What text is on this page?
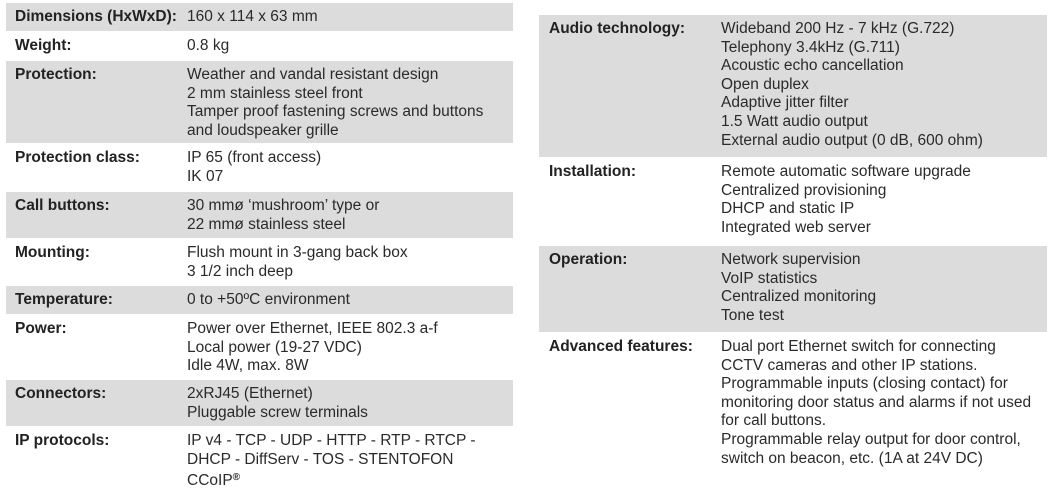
Dimensions (HxWxD): 160 x 114 x 63 mm
Weight:	0.8 kg
Protection:	Weather and vandal resistant design
2 mm stainless steel front
Tamper proof fastening screws and buttons
and loudspeaker grille
Protection class:	IP 65 (front access)
IK 07
Call buttons:	30 mmø ‘mushroom’ type or
22 mmø stainless steel
Mounting:	Flush mount in 3-gang back box
3 1/2 inch deep
Temperature:	0 to +50ºC environment
Power:	Power over Ethernet, IEEE 802.3 a-f
Local power (19-27 VDC)
Idle 4W, max. 8W
Connectors:	2xRJ45 (Ethernet)
Pluggable screw terminals
IP protocols:	IP v4 - TCP - UDP - HTTP - RTP - RTCP -
DHCP - DiffServ - TOS - STENTOFON
CCoIP®
Audio technology: Wideband 200 Hz - 7 kHz (G.722)
Telephony 3.4kHz (G.711)
Acoustic echo cancellation
Open duplex
Adaptive jitter filter
1.5 Watt audio output
External audio output (0 dB, 600 ohm)
Installation:	Remote automatic software upgrade
Centralized provisioning
DHCP and static IP
Integrated web server
Operation:	Network supervision
VoIP statistics
Centralized monitoring
Tone test
Advanced features: Dual port Ethernet switch for connecting
CCTV cameras and other IP stations.
Programmable inputs (closing contact) for
monitoring door status and alarms if not used
for call buttons.
Programmable relay output for door control,
switch on beacon, etc. (1A at 24V DC)
